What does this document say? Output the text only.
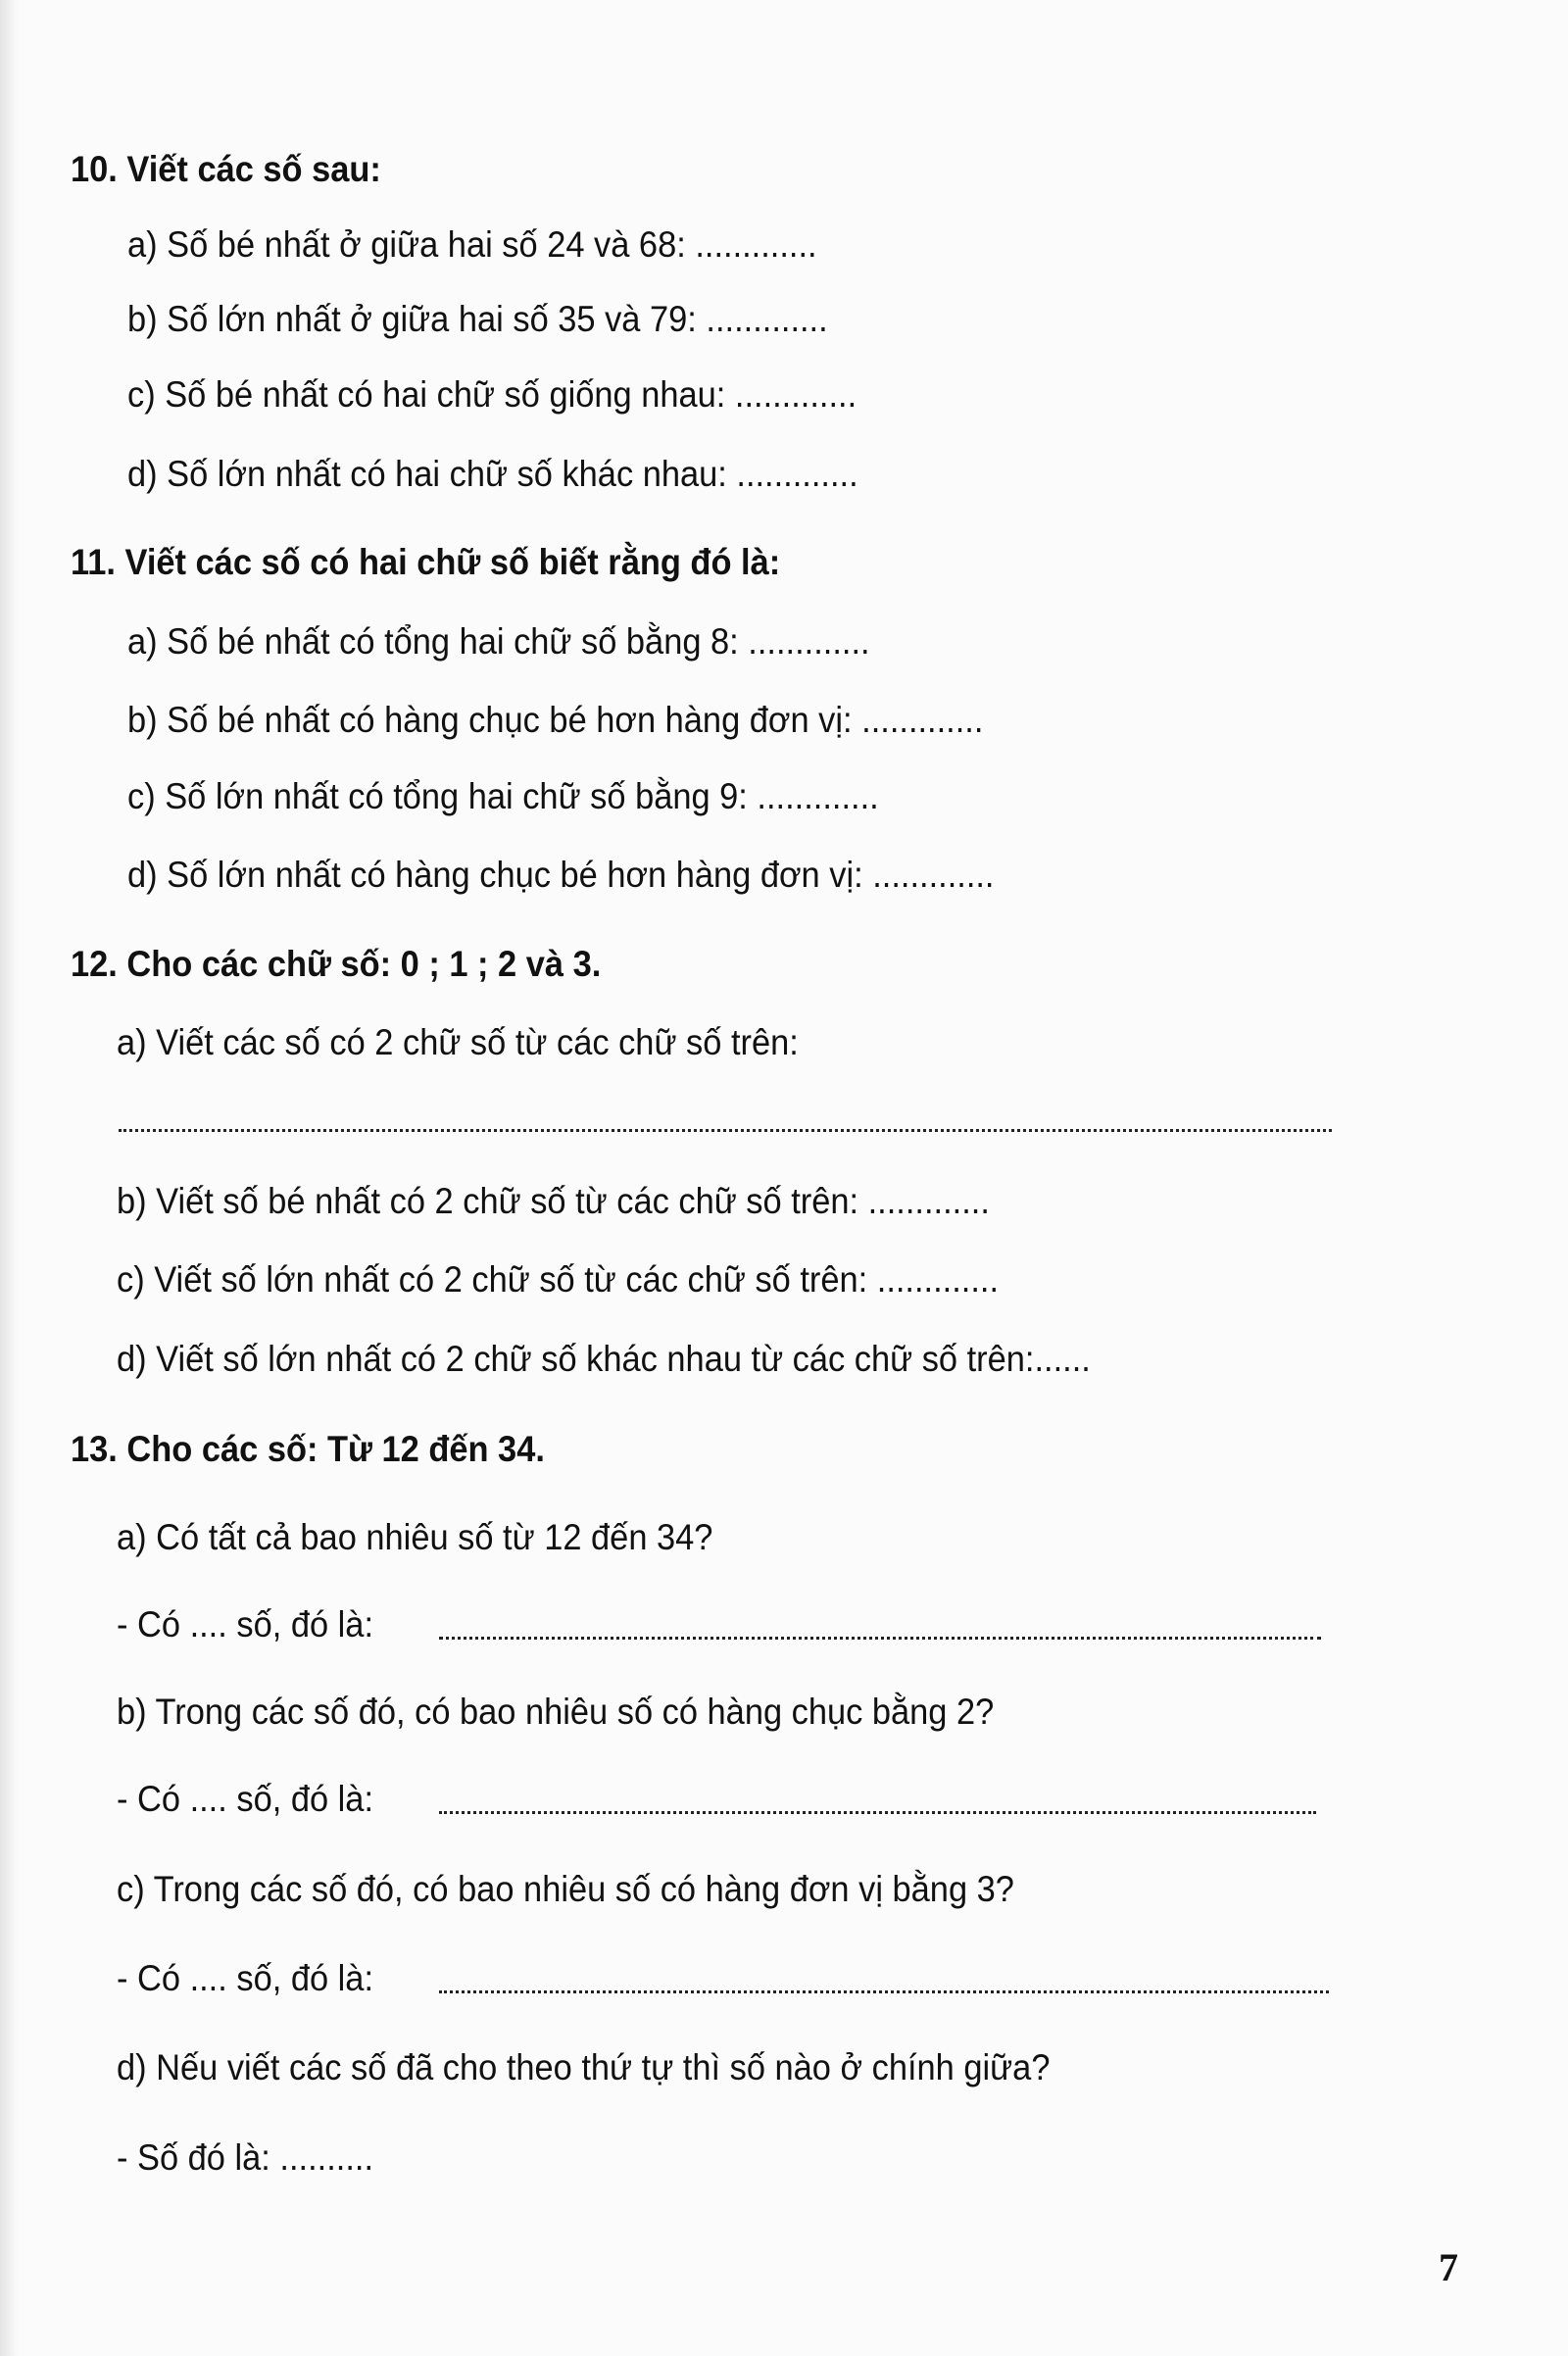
10. Viết các số sau:
a) Số bé nhất ở giữa hai số 24 và 68: .............
b) Số lớn nhất ở giữa hai số 35 và 79: .............
c) Số bé nhất có hai chữ số giống nhau: .............
d) Số lớn nhất có hai chữ số khác nhau: .............
11. Viết các số có hai chữ số biết rằng đó là:
a) Số bé nhất có tổng hai chữ số bằng 8: .............
b) Số bé nhất có hàng chục bé hơn hàng đơn vị: .............
c) Số lớn nhất có tổng hai chữ số bằng 9: .............
d) Số lớn nhất có hàng chục bé hơn hàng đơn vị: .............
12. Cho các chữ số: 0 ; 1 ; 2 và 3.
a) Viết các số có 2 chữ số từ các chữ số trên:
b) Viết số bé nhất có 2 chữ số từ các chữ số trên: .............
c) Viết số lớn nhất có 2 chữ số từ các chữ số trên: .............
d) Viết số lớn nhất có 2 chữ số khác nhau từ các chữ số trên:......
13. Cho các số: Từ 12 đến 34.
a) Có tất cả bao nhiêu số từ 12 đến 34?
- Có .... số, đó là:
b) Trong các số đó, có bao nhiêu số có hàng chục bằng 2?
- Có .... số, đó là:
c) Trong các số đó, có bao nhiêu số có hàng đơn vị bằng 3?
- Có .... số, đó là:
d) Nếu viết các số đã cho theo thứ tự thì số nào ở chính giữa?
- Số đó là: ..........
7
